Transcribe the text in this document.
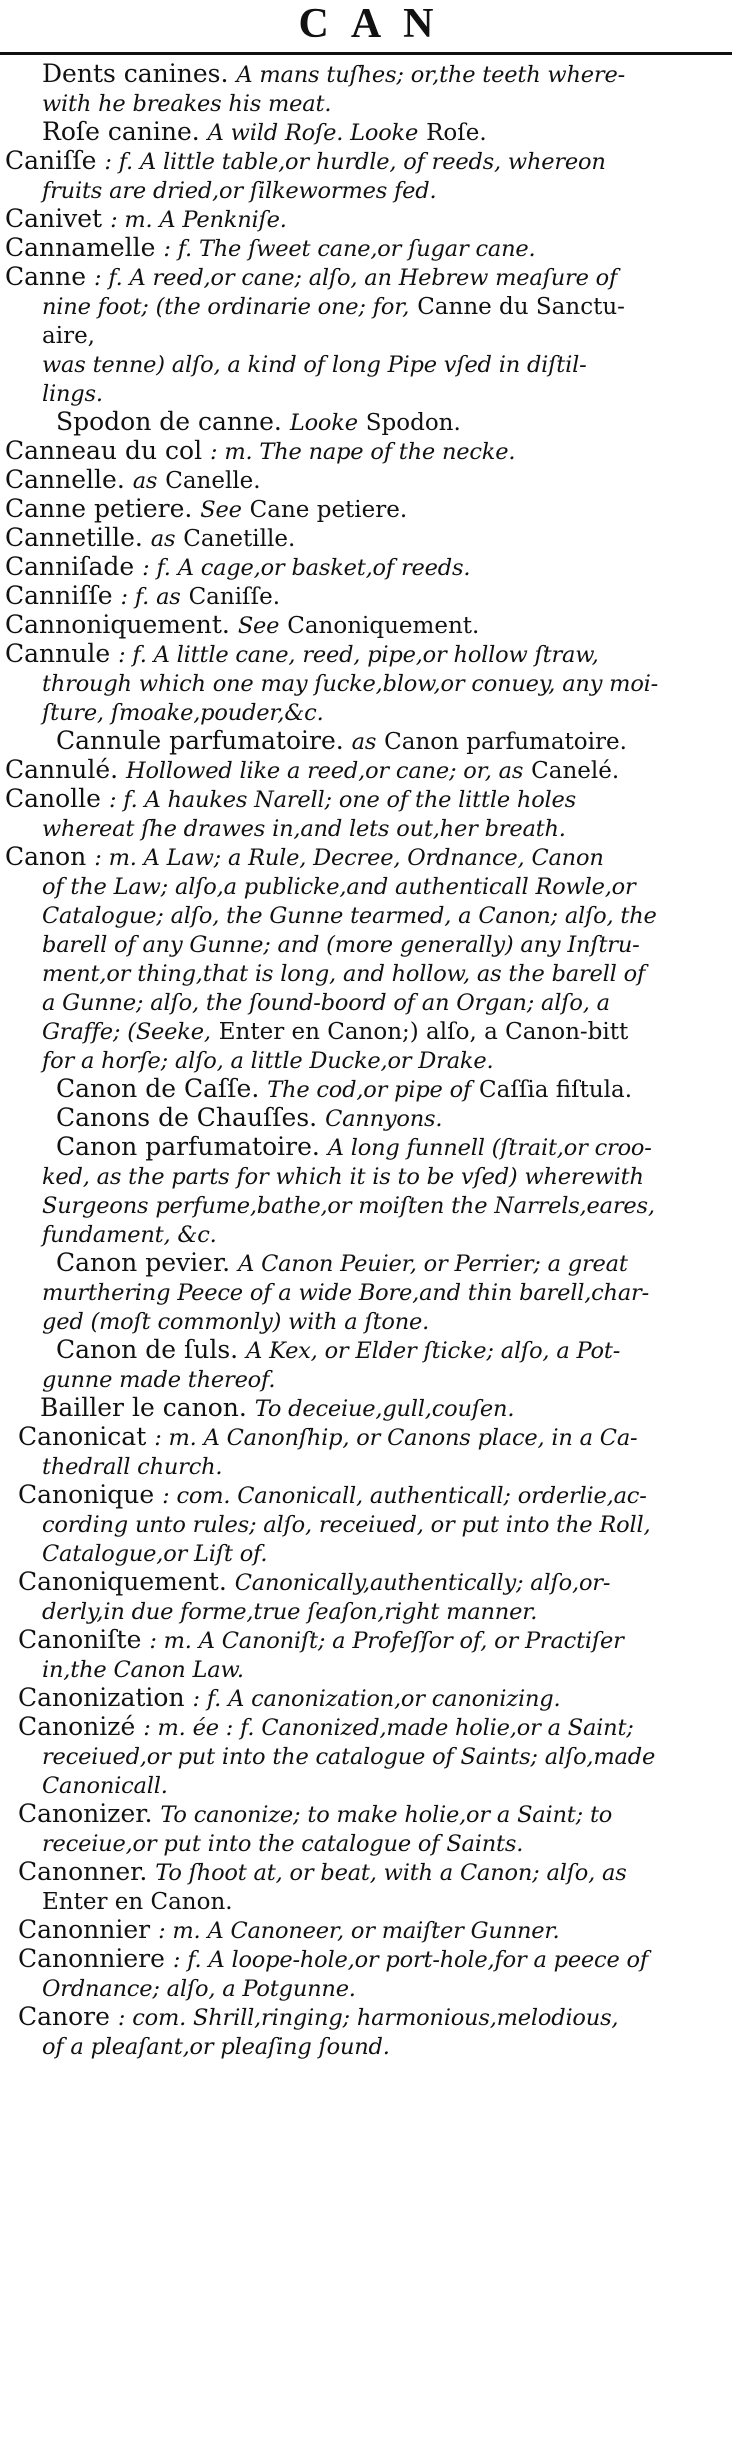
CAN
Dents canines. A mans tuſhes; or,the teeth where-
with he breakes his meat.
Roſe canine. A wild Roſe. Looke Roſe.
Caniſſe : f. A little table,or hurdle, of reeds, whereon
fruits are dried,or ſilkewormes fed.
Canivet : m. A Penkniſe.
Cannamelle : f. The ſweet cane,or ſugar cane.
Canne : f. A reed,or cane; alſo, an Hebrew meaſure of
nine foot; (the ordinarie one; for, Canne du Sanctu-
aire,
was tenne) alſo, a kind of long Pipe vſed in diſtil-
lings.
Spodon de canne. Looke Spodon.
Canneau du col : m. The nape of the necke.
Cannelle. as Canelle.
Canne petiere. See Cane petiere.
Cannetille. as Canetille.
Canniſade : f. A cage,or basket,of reeds.
Canniſſe : f. as Caniſſe.
Cannoniquement. See Canoniquement.
Cannule : f. A little cane, reed, pipe,or hollow ſtraw,
through which one may ſucke,blow,or conuey, any moi-
ſture, ſmoake,pouder,&c.
Cannule parfumatoire. as Canon parfumatoire.
Cannulé. Hollowed like a reed,or cane; or, as Canelé.
Canolle : f. A haukes Narell; one of the little holes
whereat ſhe drawes in,and lets out,her breath.
Canon : m. A Law; a Rule, Decree, Ordnance, Canon
of the Law; alſo,a publicke,and authenticall Rowle,or
Catalogue; alſo, the Gunne tearmed, a Canon; alſo, the
barell of any Gunne; and (more generally) any Inſtru-
ment,or thing,that is long, and hollow, as the barell of
a Gunne; alſo, the ſound-boord of an Organ; alſo, a
Graffe; (Seeke, Enter en Canon;) alſo, a Canon-bitt
for a horſe; alſo, a little Ducke,or Drake.
Canon de Caſſe. The cod,or pipe of Caſſia fiſtula.
Canons de Chauſſes. Cannyons.
Canon parfumatoire. A long funnell (ſtrait,or croo-
ked, as the parts for which it is to be vſed) wherewith
Surgeons perfume,bathe,or moiſten the Narrels,eares,
fundament, &c.
Canon pevier. A Canon Peuier, or Perrier; a great
murthering Peece of a wide Bore,and thin barell,char-
ged (moſt commonly) with a ſtone.
Canon de ſuls. A Kex, or Elder ſticke; alſo, a Pot-
gunne made thereof.
Bailler le canon. To deceiue,gull,couſen.
Canonicat : m. A Canonſhip, or Canons place, in a Ca-
thedrall church.
Canonique : com. Canonicall, authenticall; orderlie,ac-
cording unto rules; alſo, receiued, or put into the Roll,
Catalogue,or Liſt of.
Canoniquement. Canonically,authentically; alſo,or-
derly,in due forme,true ſeaſon,right manner.
Canoniſte : m. A Canoniſt; a Profeſſor of, or Practiſer
in,the Canon Law.
Canonization : f. A canonization,or canonizing.
Canonizé : m. ée : f. Canonized,made holie,or a Saint;
receiued,or put into the catalogue of Saints; alſo,made
Canonicall.
Canonizer. To canonize; to make holie,or a Saint; to
receiue,or put into the catalogue of Saints.
Canonner. To ſhoot at, or beat, with a Canon; alſo, as
Enter en Canon.
Canonnier : m. A Canoneer, or maiſter Gunner.
Canonniere : f. A loope-hole,or port-hole,for a peece of
Ordnance; alſo, a Potgunne.
Canore : com. Shrill,ringing; harmonious,melodious,
of a pleaſant,or pleaſing ſound.
